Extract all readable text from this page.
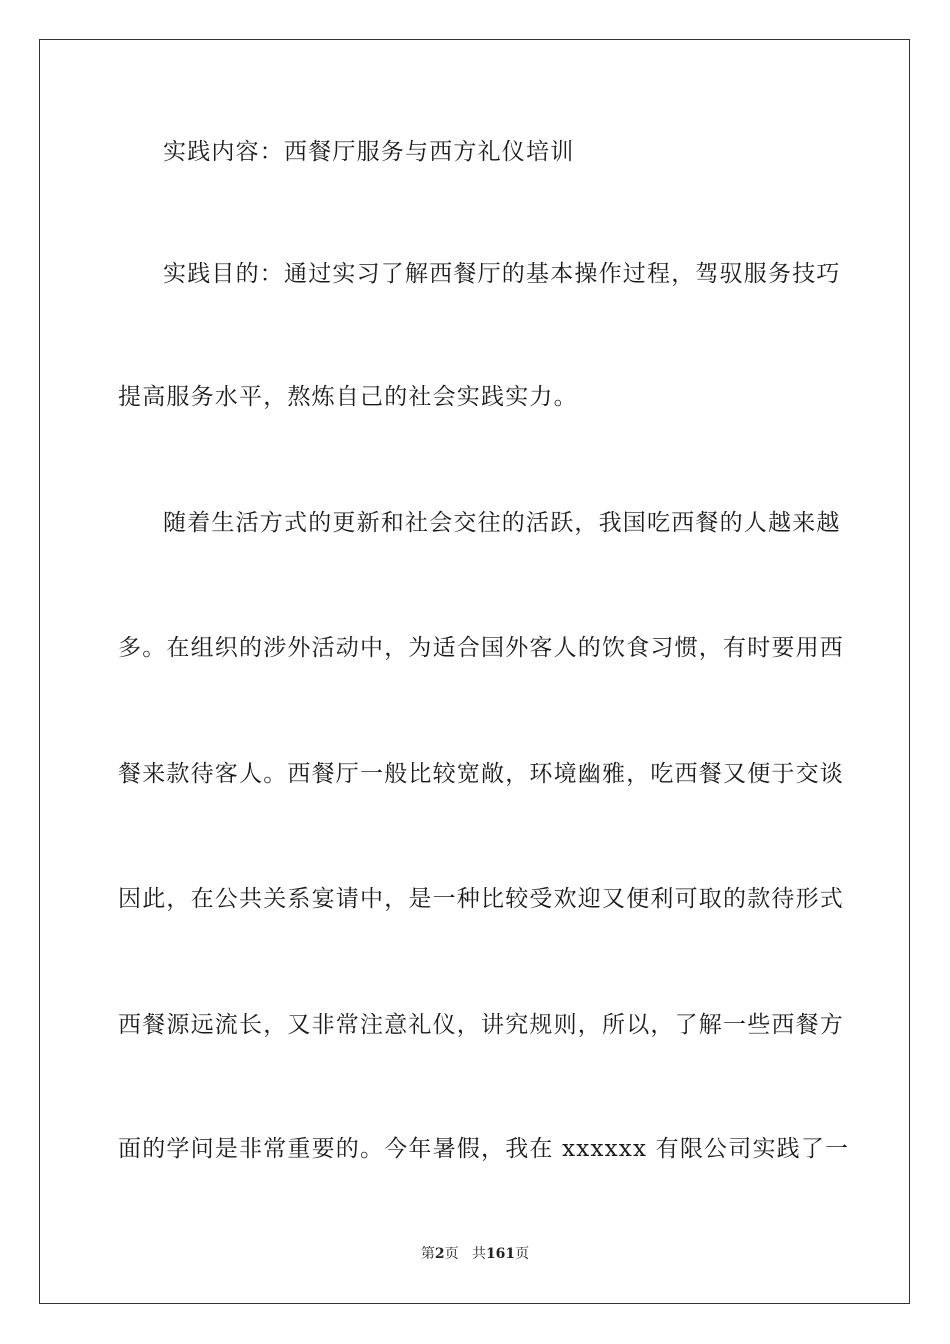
实践内容：西餐厅服务与西方礼仪培训
实践目的：通过实习了解西餐厅的基本操作过程，驾驭服务技巧
提高服务水平，熬炼自己的社会实践实力。
随着生活方式的更新和社会交往的活跃，我国吃西餐的人越来越
多。在组织的涉外活动中，为适合国外客人的饮食习惯，有时要用西
餐来款待客人。西餐厅一般比较宽敞，环境幽雅，吃西餐又便于交谈
因此，在公共关系宴请中，是一种比较受欢迎又便利可取的款待形式
西餐源远流长，又非常注意礼仪，讲究规则，所以，了解一些西餐方
面的学问是非常重要的。今年暑假，我在 xxxxxx 有限公司实践了一
第2页 共161页
